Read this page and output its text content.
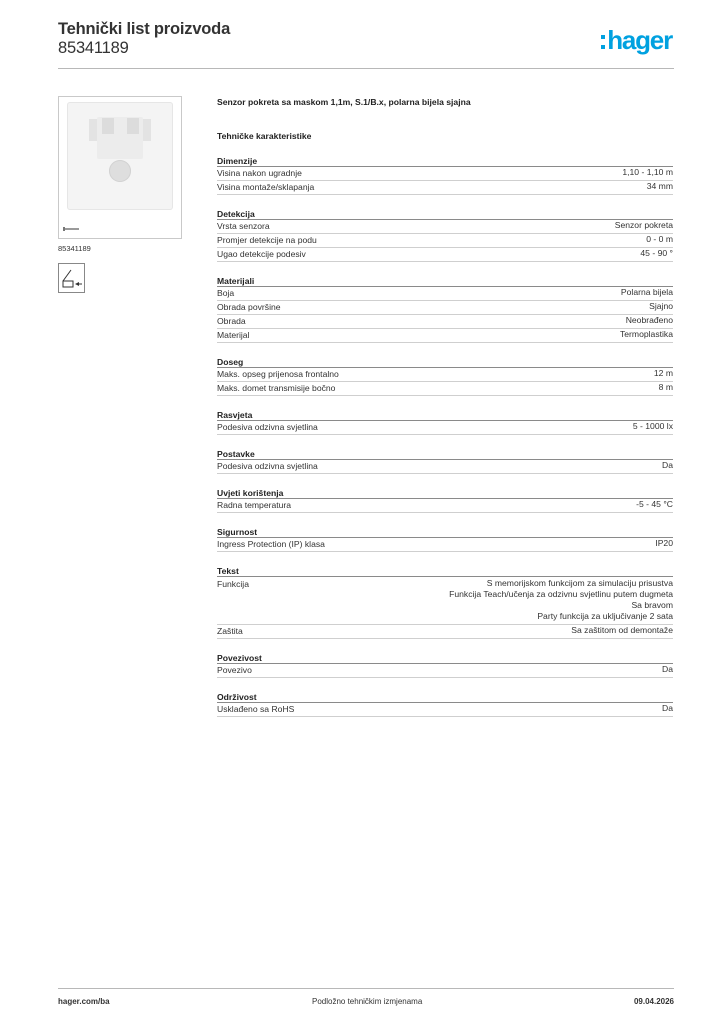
Tehnički list proizvoda
85341189	hager
85341189
Senzor pokreta sa maskom 1,1m, S.1/B.x, polarna bijela sjajna
Tehničke karakteristike
Dimenzije
Visina nakon ugradnje	1,10 - 1,10 m
Visina montaže/sklapanja	34 mm
Detekcija
Vrsta senzora	Senzor pokreta
Promjer detekcije na podu	0 - 0 m
Ugao detekcije podesiv	45 - 90 °
Materijali
Boja	Polarna bijela
Obrada površine	Sjajno
Obrada	Neobrađeno
Materijal	Termoplastika
Doseg
Maks. opseg prijenosa frontalno	12 m
Maks. domet transmisije bočno	8 m
Rasvjeta
Podesiva odzivna svjetlina	5 - 1000 lx
Postavke
Podesiva odzivna svjetlina	Da
Uvjeti korištenja
Radna temperatura	-5 - 45 °C
Sigurnost
Ingress Protection (IP) klasa	IP20
Tekst
Funkcija	S memorijskom funkcijom za simulaciju prisustva
Funkcija Teach/učenja za odzivnu svjetlinu putem dugmeta
Sa bravom
Party funkcija za uključivanje 2 sata
Zaštita	Sa zaštitom od demontaže
Povezivost
Povezivo	Da
Održivost
Usklađeno sa RoHS	Da
hager.com/ba	Podložno tehničkim izmjenama	09.04.2026
